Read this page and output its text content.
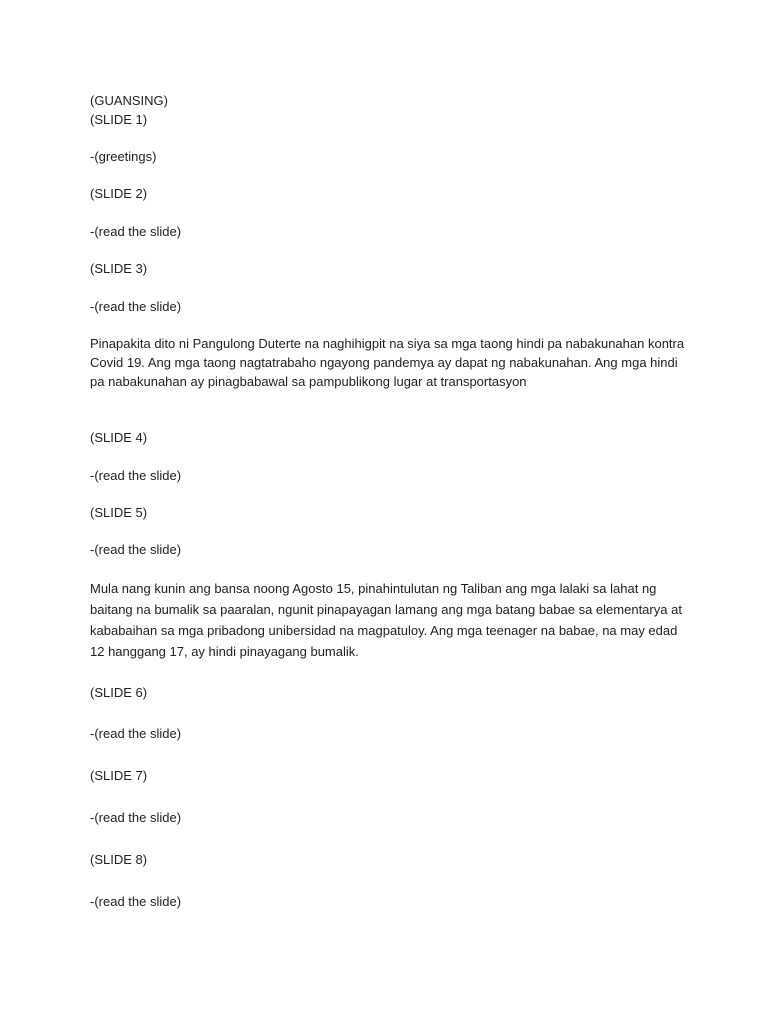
(GUANSING)

(SLIDE 1)

-(greetings)

(SLIDE 2)

-(read the slide)

(SLIDE 3)

-(read the slide)

Pinapakita dito ni Pangulong Duterte na naghihigpit na siya sa mga taong hindi pa nabakunahan kontra Covid 19. Ang mga taong nagtatrabaho ngayong pandemya ay dapat ng nabakunahan. Ang mga hindi pa nabakunahan ay pinagbabawal sa pampublikong lugar at transportasyon

(SLIDE 4)

-(read the slide)

(SLIDE 5)

-(read the slide)

Mula nang kunin ang bansa noong Agosto 15, pinahintulutan ng Taliban ang mga lalaki sa lahat ng baitang na bumalik sa paaralan, ngunit pinapayagan lamang ang mga batang babae sa elementarya at kababaihan sa mga pribadong unibersidad na magpatuloy. Ang mga teenager na babae, na may edad 12 hanggang 17, ay hindi pinayagang bumalik.

(SLIDE 6)

-(read the slide)

(SLIDE 7)

-(read the slide)

(SLIDE 8)

-(read the slide)
